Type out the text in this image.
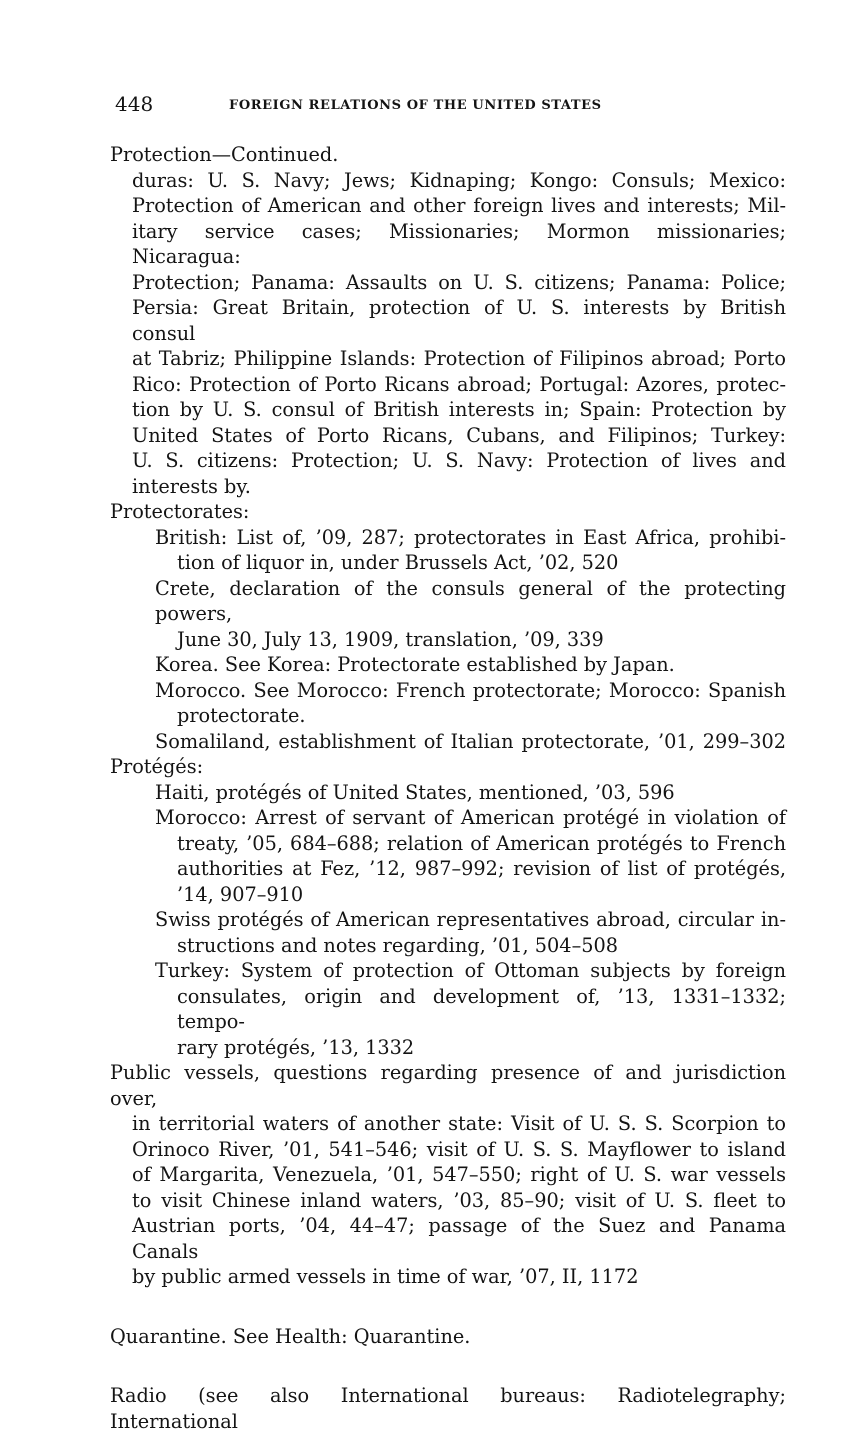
448	FOREIGN RELATIONS OF THE UNITED STATES
Protection—Continued.
duras: U. S. Navy; Jews; Kidnaping; Kongo: Consuls; Mexico:
Protection of American and other foreign lives and interests; Mil-
itary service cases; Missionaries; Mormon missionaries; Nicaragua:
Protection; Panama: Assaults on U. S. citizens; Panama: Police;
Persia: Great Britain, protection of U. S. interests by British consul
at Tabriz; Philippine Islands: Protection of Filipinos abroad; Porto
Rico: Protection of Porto Ricans abroad; Portugal: Azores, protec-
tion by U. S. consul of British interests in; Spain: Protection by
United States of Porto Ricans, Cubans, and Filipinos; Turkey:
U. S. citizens: Protection; U. S. Navy: Protection of lives and
interests by.
Protectorates:
British: List of, ’09, 287; protectorates in East Africa, prohibi-
tion of liquor in, under Brussels Act, ’02, 520
Crete, declaration of the consuls general of the protecting powers,
June 30, July 13, 1909, translation, ’09, 339
Korea. See Korea: Protectorate established by Japan.
Morocco. See Morocco: French protectorate; Morocco: Spanish
protectorate.
Somaliland, establishment of Italian protectorate, ’01, 299–302
Protégés:
Haiti, protégés of United States, mentioned, ’03, 596
Morocco: Arrest of servant of American protégé in violation of
treaty, ’05, 684–688; relation of American protégés to French
authorities at Fez, ’12, 987–992; revision of list of protégés,
’14, 907–910
Swiss protégés of American representatives abroad, circular in-
structions and notes regarding, ’01, 504–508
Turkey: System of protection of Ottoman subjects by foreign
consulates, origin and development of, ’13, 1331–1332; tempo-
rary protégés, ’13, 1332
Public vessels, questions regarding presence of and jurisdiction over,
in territorial waters of another state: Visit of U. S. S. Scorpion to
Orinoco River, ’01, 541–546; visit of U. S. S. Mayflower to island
of Margarita, Venezuela, ’01, 547–550; right of U. S. war vessels
to visit Chinese inland waters, ’03, 85–90; visit of U. S. fleet to
Austrian ports, ’04, 44–47; passage of the Suez and Panama Canals
by public armed vessels in time of war, ’07, II, 1172
Quarantine. See Health: Quarantine.
Radio (see also International bureaus: Radiotelegraphy; International
